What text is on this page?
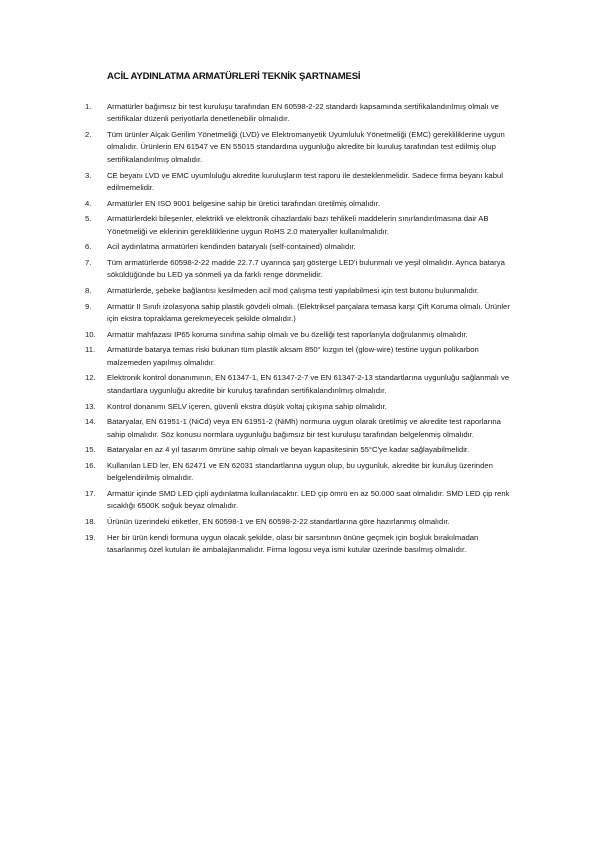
ACİL AYDINLATMA ARMATÜRLERİ TEKNİK ŞARTNAMESİ
1.	Armatürler bağımsız bir test kuruluşu tarafından EN 60598-2-22 standardı kapsamında sertifikalandırılmış olmalı ve sertifikalar düzenli periyotlarla denetlenebilir olmalıdır.
2.	Tüm ürünler Alçak Gerilim Yönetmeliği (LVD) ve Elektromanyetik Uyumluluk Yönetmeliği (EMC) gerekliliklerine uygun olmalıdır. Ürünlerin EN 61547 ve EN 55015 standardına uygunluğu akredite bir kuruluş tarafından test edilmiş olup sertifikalandırılmış olmalıdır.
3.	CE beyanı LVD ve EMC uyumluluğu akredite kuruluşların test raporu ile desteklenmelidir. Sadece firma beyanı kabul edilmemelidir.
4.	Armatürler EN ISO 9001 belgesine sahip bir üretici tarafından üretilmiş olmalıdır.
5.	Armatürlerdeki bileşenler, elektrikli ve elektronik cihazlardaki bazı tehlikeli maddelerin sınırlandırılmasına dair AB Yönetmeliği ve eklerinin gerekliliklerine uygun RoHS 2.0 materyaller kullanılmalıdır.
6.	Acil aydınlatma armatürleri kendinden bataryalı (self-contained) olmalıdır.
7.	Tüm armatürlerde 60598-2-22 madde 22.7.7 uyarınca şarj gösterge LED'i bulunmalı ve yeşil olmalıdır. Ayrıca batarya söküldüğünde bu LED ya sönmeli ya da farklı renge dönmelidir.
8.	Armatürlerde, şebeke bağlantısı kesilmeden acil mod çalışma testi yapılabilmesi için test butonu bulunmalıdır.
9.	Armatür II Sınıfı izolasyona sahip plastik gövdeli olmalı. (Elektriksel parçalara temasa karşı Çift Koruma olmalı. Ürünler için ekstra topraklama gerekmeyecek şekilde olmalıdır.)
10.	Armatür mahfazası IP65 koruma sınıfına sahip olmalı ve bu özelliği test raporlarıyla doğrulanmış olmalıdır.
11.	Armatürde batarya temas riski bulunan tüm plastik aksam 850° kızgın tel (glow-wire) testine uygun polikarbon malzemeden yapılmış olmalıdır.
12.	Elektronik kontrol donanımının, EN 61347-1, EN 61347-2-7 ve EN 61347-2-13 standartlarına uygunluğu sağlanmalı ve standartlara uygunluğu akredite bir kuruluş tarafından sertifikalandırılmış olmalıdır.
13.	Kontrol donanımı SELV içeren, güvenli ekstra düşük voltaj çıkışına sahip olmalıdır.
14.	Bataryalar, EN 61951-1 (NiCd) veya EN 61951-2 (NiMh) normuna uygun olarak üretilmiş ve akredite test raporlarına sahip olmalıdır. Söz konusu normlara uygunluğu bağımsız bir test kuruluşu tarafından belgelenmiş olmalıdır.
15.	Bataryalar en az 4 yıl tasarım ömrüne sahip olmalı ve beyan kapasitesinin 55°C'ye kadar sağlayabilmelidir.
16.	Kullanılan LED ler, EN 62471 ve EN 62031 standartlarına uygun olup, bu uygunluk, akredite bir kuruluş üzerinden belgelendirilmiş olmalıdır.
17.	Armatür içinde SMD LED çipli aydınlatma kullanılacaktır. LED çip ömrü en az 50.000 saat olmalıdır. SMD LED çip renk sıcaklığı 6500K soğuk beyaz olmalıdır.
18.	Ürünün üzerindeki etiketler, EN 60598-1 ve EN 60598-2-22 standartlarına göre hazırlanmış olmalıdır.
19.	Her bir ürün kendi formuna uygun olacak şekilde, olası bir sarsıntının önüne geçmek için boşluk bırakılmadan tasarlanmış özel kutuları ile ambalajlanmalıdır. Firma logosu veya ismi kutular üzerinde basılmış olmalıdır.
